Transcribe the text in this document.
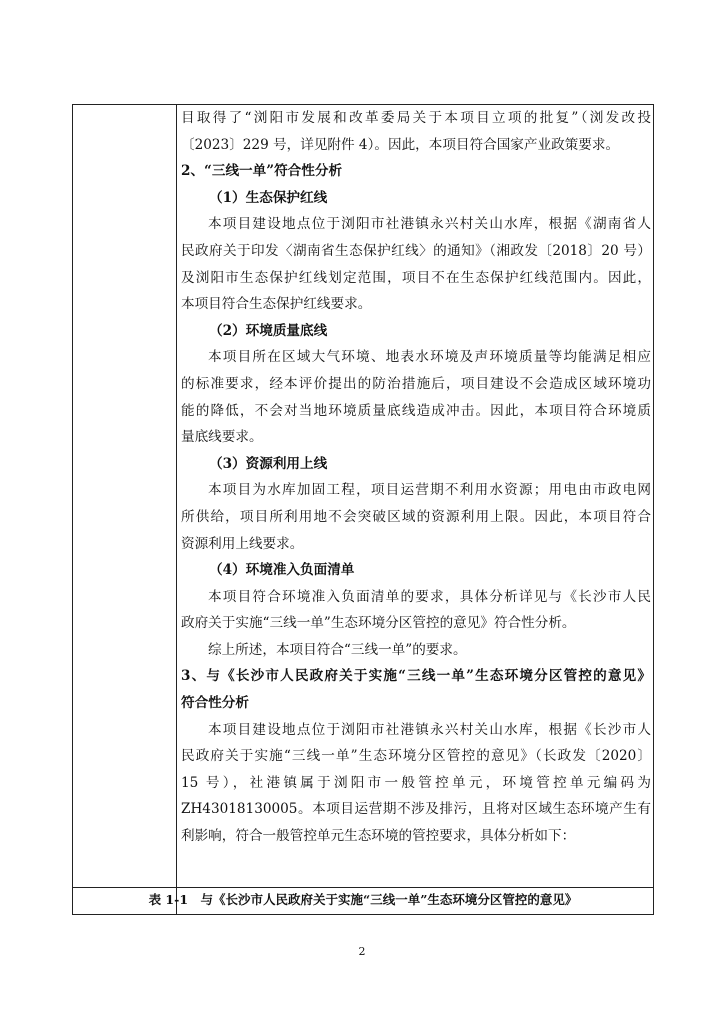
目取得了“浏阳市发展和改革委局关于本项目立项的批复”（浏发改投
〔2023〕229 号，详见附件 4）。因此，本项目符合国家产业政策要求。
2、“三线一单”符合性分析
（1）生态保护红线
本项目建设地点位于浏阳市社港镇永兴村关山水库，根据《湖南省人
民政府关于印发〈湖南省生态保护红线〉的通知》（湘政发〔2018〕20 号）
及浏阳市生态保护红线划定范围，项目不在生态保护红线范围内。因此，
本项目符合生态保护红线要求。
（2）环境质量底线
本项目所在区域大气环境、地表水环境及声环境质量等均能满足相应
的标准要求，经本评价提出的防治措施后，项目建设不会造成区域环境功
能的降低，不会对当地环境质量底线造成冲击。因此，本项目符合环境质
量底线要求。
（3）资源利用上线
本项目为水库加固工程，项目运营期不利用水资源；用电由市政电网
所供给，项目所利用地不会突破区域的资源利用上限。因此，本项目符合
资源利用上线要求。
（4）环境准入负面清单
本项目符合环境准入负面清单的要求，具体分析详见与《长沙市人民
政府关于实施“三线一单”生态环境分区管控的意见》符合性分析。
综上所述，本项目符合“三线一单”的要求。
3、与《长沙市人民政府关于实施“三线一单”生态环境分区管控的意见》
符合性分析
本项目建设地点位于浏阳市社港镇永兴村关山水库，根据《长沙市人
民政府关于实施“三线一单”生态环境分区管控的意见》（长政发〔2020〕
15 号），社港镇属于浏阳市一般管控单元，环境管控单元编码为
ZH43018130005。本项目运营期不涉及排污，且将对区域生态环境产生有
利影响，符合一般管控单元生态环境的管控要求，具体分析如下：
表 1-1　与《长沙市人民政府关于实施“三线一单”生态环境分区管控的意见》
2
